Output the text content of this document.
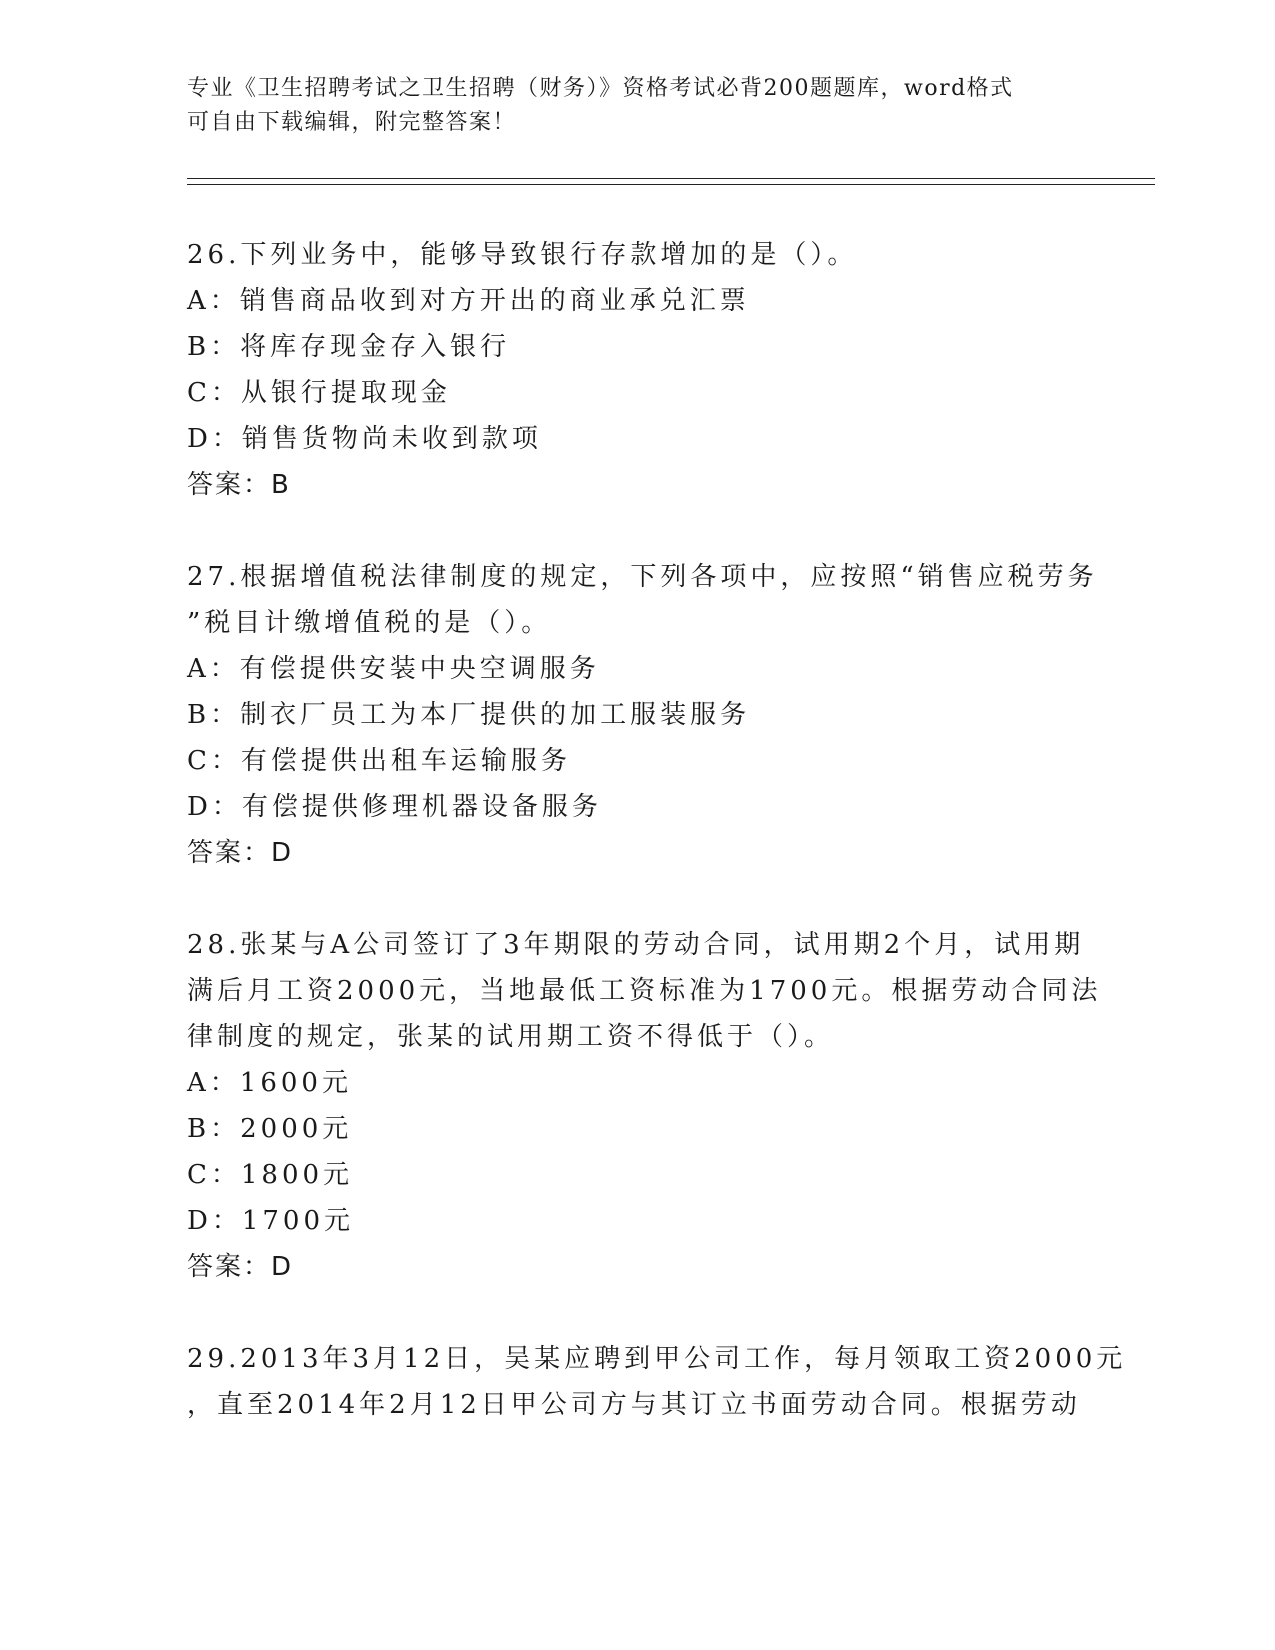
专业《卫生招聘考试之卫生招聘（财务）》资格考试必背200题题库，word格式
可自由下载编辑，附完整答案！
26.下列业务中，能够导致银行存款增加的是（）。
A：销售商品收到对方开出的商业承兑汇票
B：将库存现金存入银行
C：从银行提取现金
D：销售货物尚未收到款项
答案：B
27.根据增值税法律制度的规定，下列各项中，应按照“销售应税劳务
”税目计缴增值税的是（）。
A：有偿提供安装中央空调服务
B：制衣厂员工为本厂提供的加工服装服务
C：有偿提供出租车运输服务
D：有偿提供修理机器设备服务
答案：D
28.张某与A公司签订了3年期限的劳动合同，试用期2个月，试用期
满后月工资2000元，当地最低工资标准为1700元。根据劳动合同法
律制度的规定，张某的试用期工资不得低于（）。
A：1600元
B：2000元
C：1800元
D：1700元
答案：D
29.2013年3月12日，吴某应聘到甲公司工作，每月领取工资2000元
，直至2014年2月12日甲公司方与其订立书面劳动合同。根据劳动
